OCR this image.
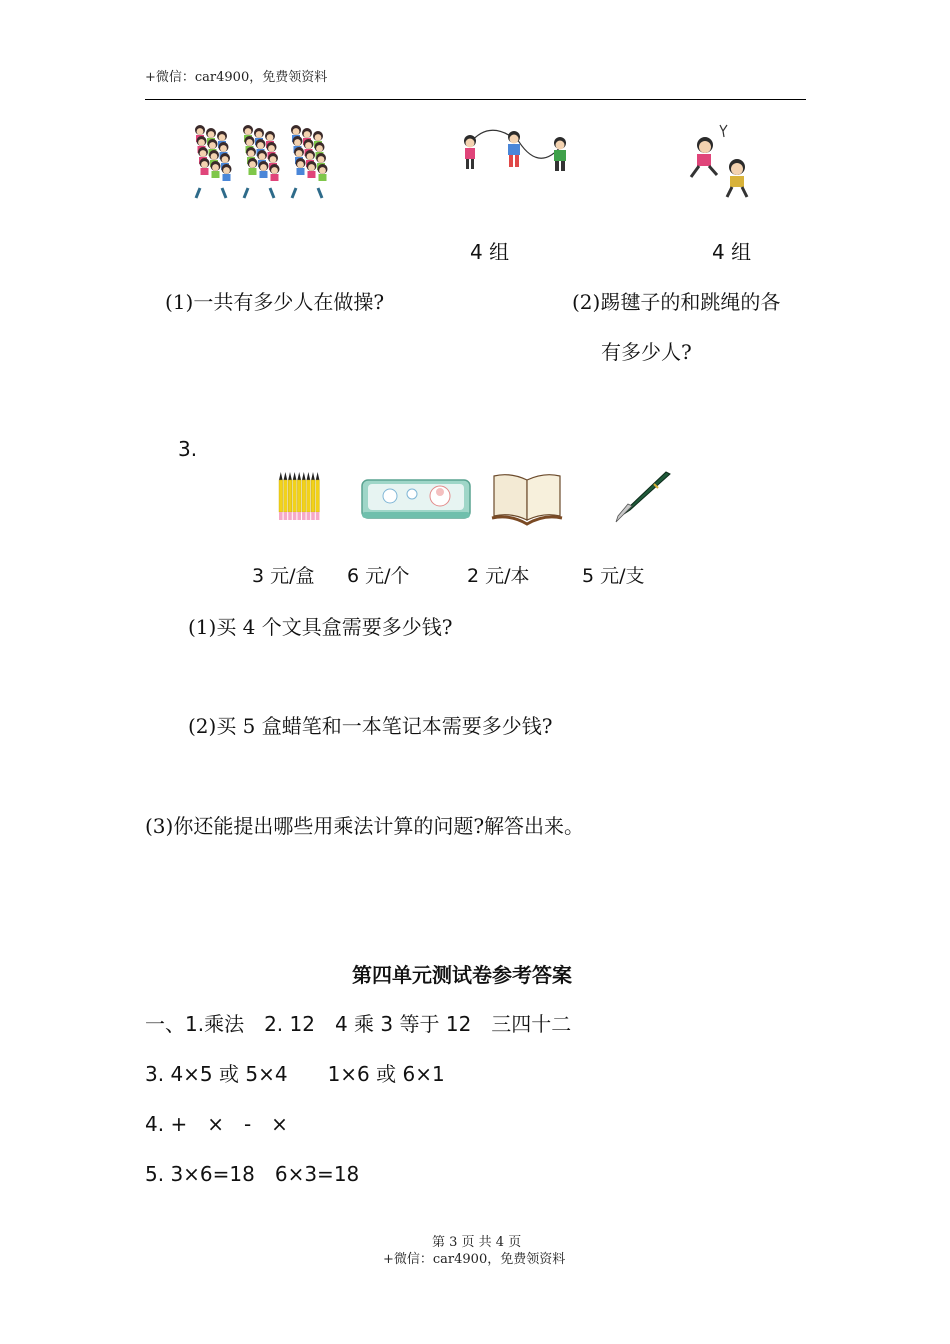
+微信：car4900，免费领资料
4 组	4 组
(1)一共有多少人在做操?	(2)踢毽子的和跳绳的各
有多少人?
3.
3 元/盒 6 元/个	2 元/本	5 元/支
(1)买 4 个文具盒需要多少钱?
(2)买 5 盒蜡笔和一本笔记本需要多少钱?
(3)你还能提出哪些用乘法计算的问题?解答出来。
第四单元测试卷参考答案
一、1.乘法　2. 12　4 乘 3 等于 12　三四十二
3. 4×5 或 5×4　　1×6 或 6×1
4. +　×　-　×
5. 3×6=18　6×3=18
第 3 页 共 4 页
+微信：car4900，免费领资料
